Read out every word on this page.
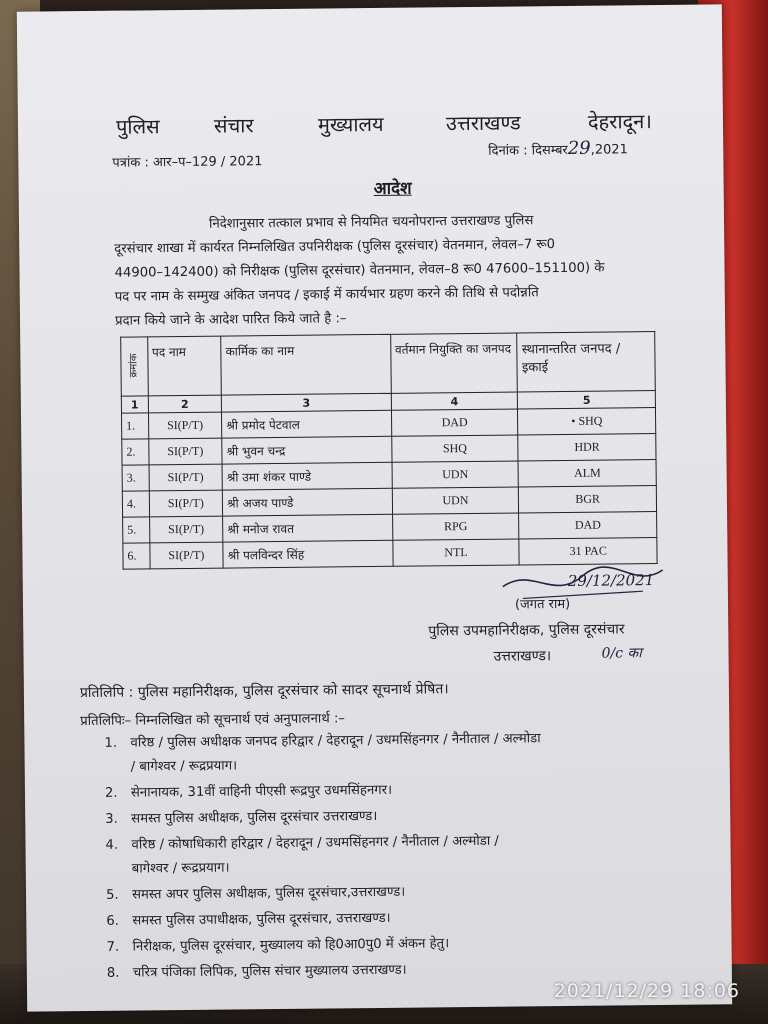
पुलिस	संचार	मुख्यालय	उत्तराखण्ड	देहरादून।
पत्रांक : आर–प–129 / 2021
दिनांक : दिसम्बर29,2021
आदेश
निदेशानुसार तत्काल प्रभाव से नियमित चयनोपरान्त उत्तराखण्ड पुलिस
दूरसंचार शाखा में कार्यरत निम्नलिखित उपनिरीक्षक (पुलिस दूरसंचार) वेतनमान, लेवल–7 रू0
44900–142400) को निरीक्षक (पुलिस दूरसंचार) वेतनमान, लेवल–8 रू0 47600–151100) के
पद पर नाम के सम्मुख अंकित जनपद / इकाई में कार्यभार ग्रहण करने की तिथि से पदोन्नति
प्रदान किये जाने के आदेश पारित किये जाते है :–
क्रमांक	पद नाम	कार्मिक का नाम	वर्तमान नियुक्ति का जनपद	स्थानान्तरित जनपद / इकाई
1	2	3	4	5
1.	SI(P/T)	श्री प्रमोद पेटवाल	DAD	• SHQ
2.	SI(P/T)	श्री भुवन चन्द्र	SHQ	HDR
3.	SI(P/T)	श्री उमा शंकर पाण्डे	UDN	ALM
4.	SI(P/T)	श्री अजय पाण्डे	UDN	BGR
5.	SI(P/T)	श्री मनोज रावत	RPG	DAD
6.	SI(P/T)	श्री पलविन्दर सिंह	NTL	31 PAC
29/12/2021
(जगत राम)
पुलिस उपमहानिरीक्षक, पुलिस दूरसंचार
उत्तराखण्ड।	0/c का
प्रतिलिपि : पुलिस महानिरीक्षक, पुलिस दूरसंचार को सादर सूचनार्थ प्रेषित।
प्रतिलिपिः– निम्नलिखित को सूचनार्थ एवं अनुपालनार्थ :–
1. वरिष्ठ / पुलिस अधीक्षक जनपद हरिद्वार / देहरादून / उधमसिंहनगर / नैनीताल / अल्मोडा
/ बागेश्वर / रूद्रप्रयाग।
2. सेनानायक, 31वीं वाहिनी पीएसी रूद्रपुर उधमसिंहनगर।
3. समस्त पुलिस अधीक्षक, पुलिस दूरसंचार उत्तराखण्ड।
4. वरिष्ठ / कोषाधिकारी हरिद्वार / देहरादून / उधमसिंहनगर / नैनीताल / अल्मोडा /
बागेश्वर / रूद्रप्रयाग।
5. समस्त अपर पुलिस अधीक्षक, पुलिस दूरसंचार,उत्तराखण्ड।
6. समस्त पुलिस उपाधीक्षक, पुलिस दूरसंचार, उत्तराखण्ड।
7. निरीक्षक, पुलिस दूरसंचार, मुख्यालय को हि0आ0पु0 में अंकन हेतु।
8. चरित्र पंजिका लिपिक, पुलिस संचार मुख्यालय उत्तराखण्ड।
2021/12/29 18:06
